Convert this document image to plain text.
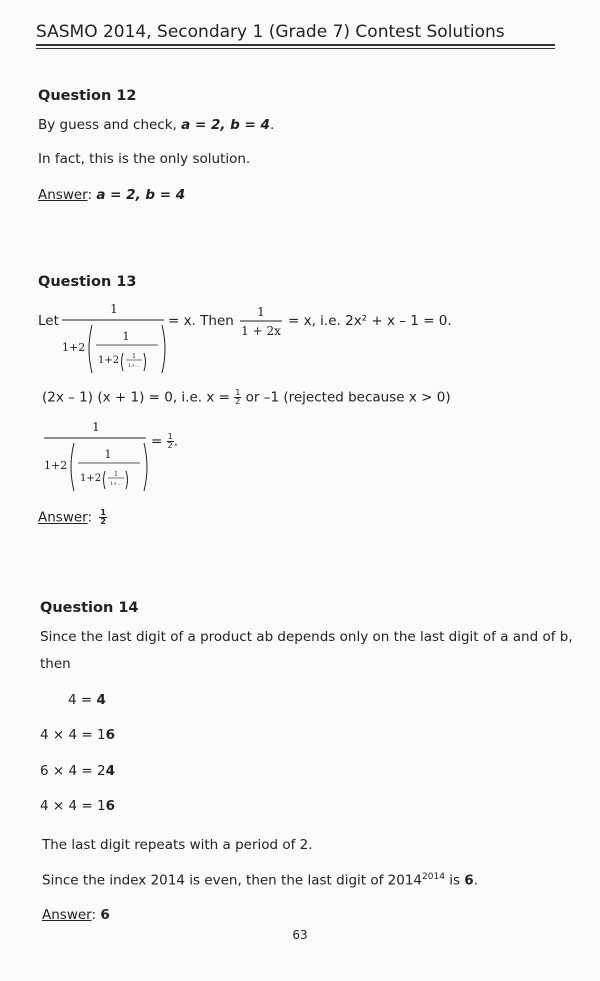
SASMO 2014, Secondary 1 (Grade 7) Contest Solutions
Question 12
By guess and check, a = 2, b = 4.
In fact, this is the only solution.
Answer: a = 2, b = 4
Question 13
Let
1
1+2
1
1+2 1
1+…
= x. Then
1
1 + 2x
= x, i.e. 2x² + x – 1 = 0.
(2x – 1) (x + 1) = 0, i.e. $x = \frac{1}{2}$ or –1 (rejected because x > 0)
1
1+2
1
1+2 1
1+…
= $\frac{1}{2}$ .
Answer: $\frac{1}{2}$
Question 14
Since the last digit of a product ab depends only on the last digit of a and of b,
then
4 = 4
4 × 4 = 16
6 × 4 = 24
4 × 4 = 16
The last digit repeats with a period of 2.
Since the index 2014 is even, then the last digit of $2014^{2014}$ is 6.
Answer: 6
63
